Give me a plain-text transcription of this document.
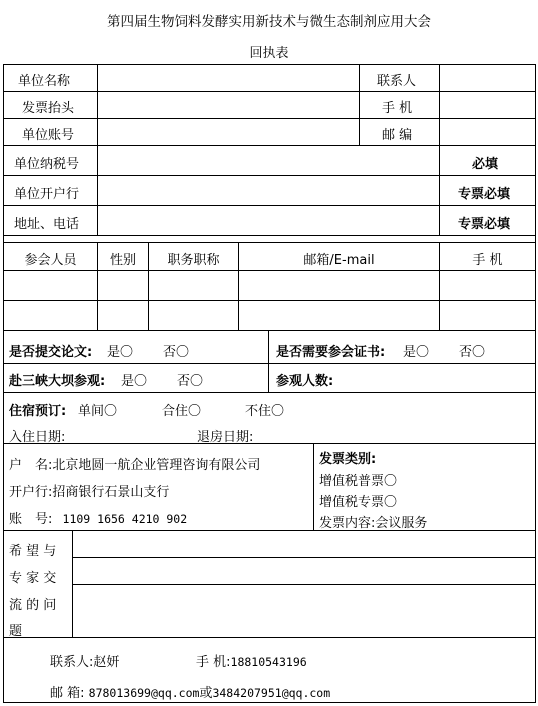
第四届生物饲料发酵实用新技术与微生态制剂应用大会
回执表
单位名称	联系人
发票抬头	手 机
单位账号	邮 编
单位纳税号	必填
单位开户行	专票必填
地址、电话	专票必填
参会人员	性别	职务职称	邮箱/E-mail	手 机
是否提交论文: 是〇 否〇	是否需要参会证书: 是〇 否〇
赴三峡大坝参观: 是〇 否〇	参观人数:
住宿预订: 单间〇	合住〇	不住〇
入住日期:	退房日期:
户　名:北京地圆一航企业管理咨询有限公司
开户行:招商银行石景山支行
账　号: 1109 1656 4210 902
发票类别:
增值税普票〇
增值税专票〇
发票内容:会议服务
希 望 与
专 家 交
流 的 问
题
联系人:赵妍	手 机:18810543196
邮 箱: 878013699@qq.com或3484207951@qq.com
